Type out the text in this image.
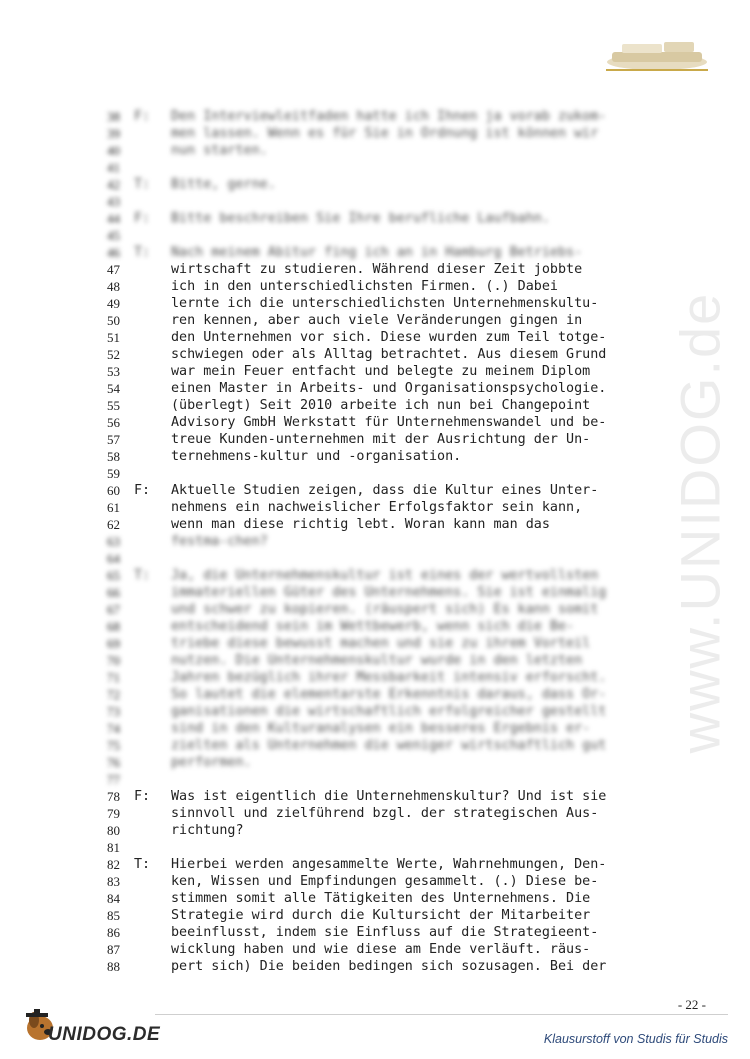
www.UNIDOG.de
38 F:	Den Interviewleitfaden hatte ich Ihnen ja vorab zukom-
39	men lassen. Wenn es für Sie in Ordnung ist können wir
40	nun starten.
41
42 T:	Bitte, gerne.
43
44 F:	Bitte beschreiben Sie Ihre berufliche Laufbahn.
45
46 T:	Nach meinem Abitur fing ich an in Hamburg Betriebs-
47	wirtschaft zu studieren. Während dieser Zeit jobbte
48	ich in den unterschiedlichsten Firmen. (.) Dabei
49	lernte ich die unterschiedlichsten Unternehmenskultu-
50	ren kennen, aber auch viele Veränderungen gingen in
51	den Unternehmen vor sich. Diese wurden zum Teil totge-
52	schwiegen oder als Alltag betrachtet. Aus diesem Grund
53	war mein Feuer entfacht und belegte zu meinem Diplom
54	einen Master in Arbeits- und Organisationspsychologie.
55	(überlegt) Seit 2010 arbeite ich nun bei Changepoint
56	Advisory GmbH Werkstatt für Unternehmenswandel und be-
57	treue Kunden-unternehmen mit der Ausrichtung der Un-
58	ternehmens-kultur und -organisation.
59
60 F:	Aktuelle Studien zeigen, dass die Kultur eines Unter-
61	nehmens ein nachweislicher Erfolgsfaktor sein kann,
62	wenn man diese richtig lebt. Woran kann man das
63	festma-chen?
64
65 T:	Ja, die Unternehmenskultur ist eines der wertvollsten
66	immateriellen Güter des Unternehmens. Sie ist einmalig
67	und schwer zu kopieren. (räuspert sich) Es kann somit
68	entscheidend sein im Wettbewerb, wenn sich die Be-
69	triebe diese bewusst machen und sie zu ihrem Vorteil
70	nutzen. Die Unternehmenskultur wurde in den letzten
71	Jahren bezüglich ihrer Messbarkeit intensiv erforscht.
72	So lautet die elementarste Erkenntnis daraus, dass Or-
73	ganisationen die wirtschaftlich erfolgreicher gestellt
74	sind in den Kulturanalysen ein besseres Ergebnis er-
75	zielten als Unternehmen die weniger wirtschaftlich gut
76	performen.
77
78 F:	Was ist eigentlich die Unternehmenskultur? Und ist sie
79	sinnvoll und zielführend bzgl. der strategischen Aus-
80	richtung?
81
82 T:	Hierbei werden angesammelte Werte, Wahrnehmungen, Den-
83	ken, Wissen und Empfindungen gesammelt. (.) Diese be-
84	stimmen somit alle Tätigkeiten des Unternehmens. Die
85	Strategie wird durch die Kultursicht der Mitarbeiter
86	beeinflusst, indem sie Einfluss auf die Strategieent-
87	wicklung haben und wie diese am Ende verläuft. räus-
88	pert sich) Die beiden bedingen sich sozusagen. Bei der
- 22 -
UNIDOG.DE	Klausurstoff von Studis für Studis
